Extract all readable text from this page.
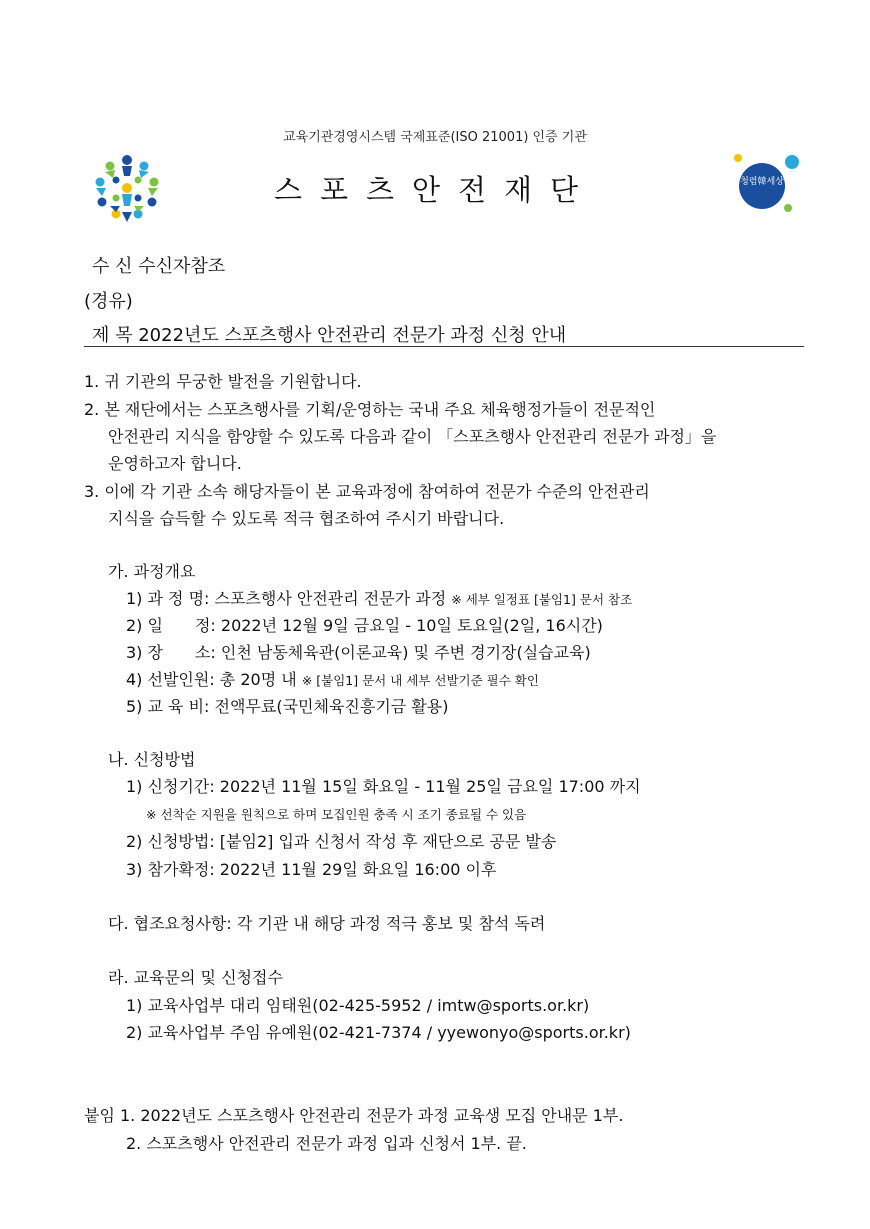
교육기관경영시스템 국제표준(ISO 21001) 인증 기관
스포츠안전재단	청렴韓세상
수 신 수신자참조
(경유)
제 목 2022년도 스포츠행사 안전관리 전문가 과정 신청 안내
1. 귀 기관의 무궁한 발전을 기원합니다.
2. 본 재단에서는 스포츠행사를 기획/운영하는 국내 주요 체육행정가들이 전문적인
안전관리 지식을 함양할 수 있도록 다음과 같이 「스포츠행사 안전관리 전문가 과정」을
운영하고자 합니다.
3. 이에 각 기관 소속 해당자들이 본 교육과정에 참여하여 전문가 수준의 안전관리
지식을 습득할 수 있도록 적극 협조하여 주시기 바랍니다.
가. 과정개요
1) 과 정 명: 스포츠행사 안전관리 전문가 과정 ※ 세부 일정표 [붙임1] 문서 참조
2) 일　　정: 2022년 12월 9일 금요일 - 10일 토요일(2일, 16시간)
3) 장　　소: 인천 남동체육관(이론교육) 및 주변 경기장(실습교육)
4) 선발인원: 총 20명 내 ※ [붙임1] 문서 내 세부 선발기준 필수 확인
5) 교 육 비: 전액무료(국민체육진흥기금 활용)
나. 신청방법
1) 신청기간: 2022년 11월 15일 화요일 - 11월 25일 금요일 17:00 까지
※ 선착순 지원을 원칙으로 하며 모집인원 충족 시 조기 종료될 수 있음
2) 신청방법: [붙임2] 입과 신청서 작성 후 재단으로 공문 발송
3) 참가확정: 2022년 11월 29일 화요일 16:00 이후
다. 협조요청사항: 각 기관 내 해당 과정 적극 홍보 및 참석 독려
라. 교육문의 및 신청접수
1) 교육사업부 대리 임태원(02-425-5952 / imtw@sports.or.kr)
2) 교육사업부 주임 유예원(02-421-7374 / yyewonyo@sports.or.kr)
붙임 1. 2022년도 스포츠행사 안전관리 전문가 과정 교육생 모집 안내문 1부.
2. 스포츠행사 안전관리 전문가 과정 입과 신청서 1부. 끝.
